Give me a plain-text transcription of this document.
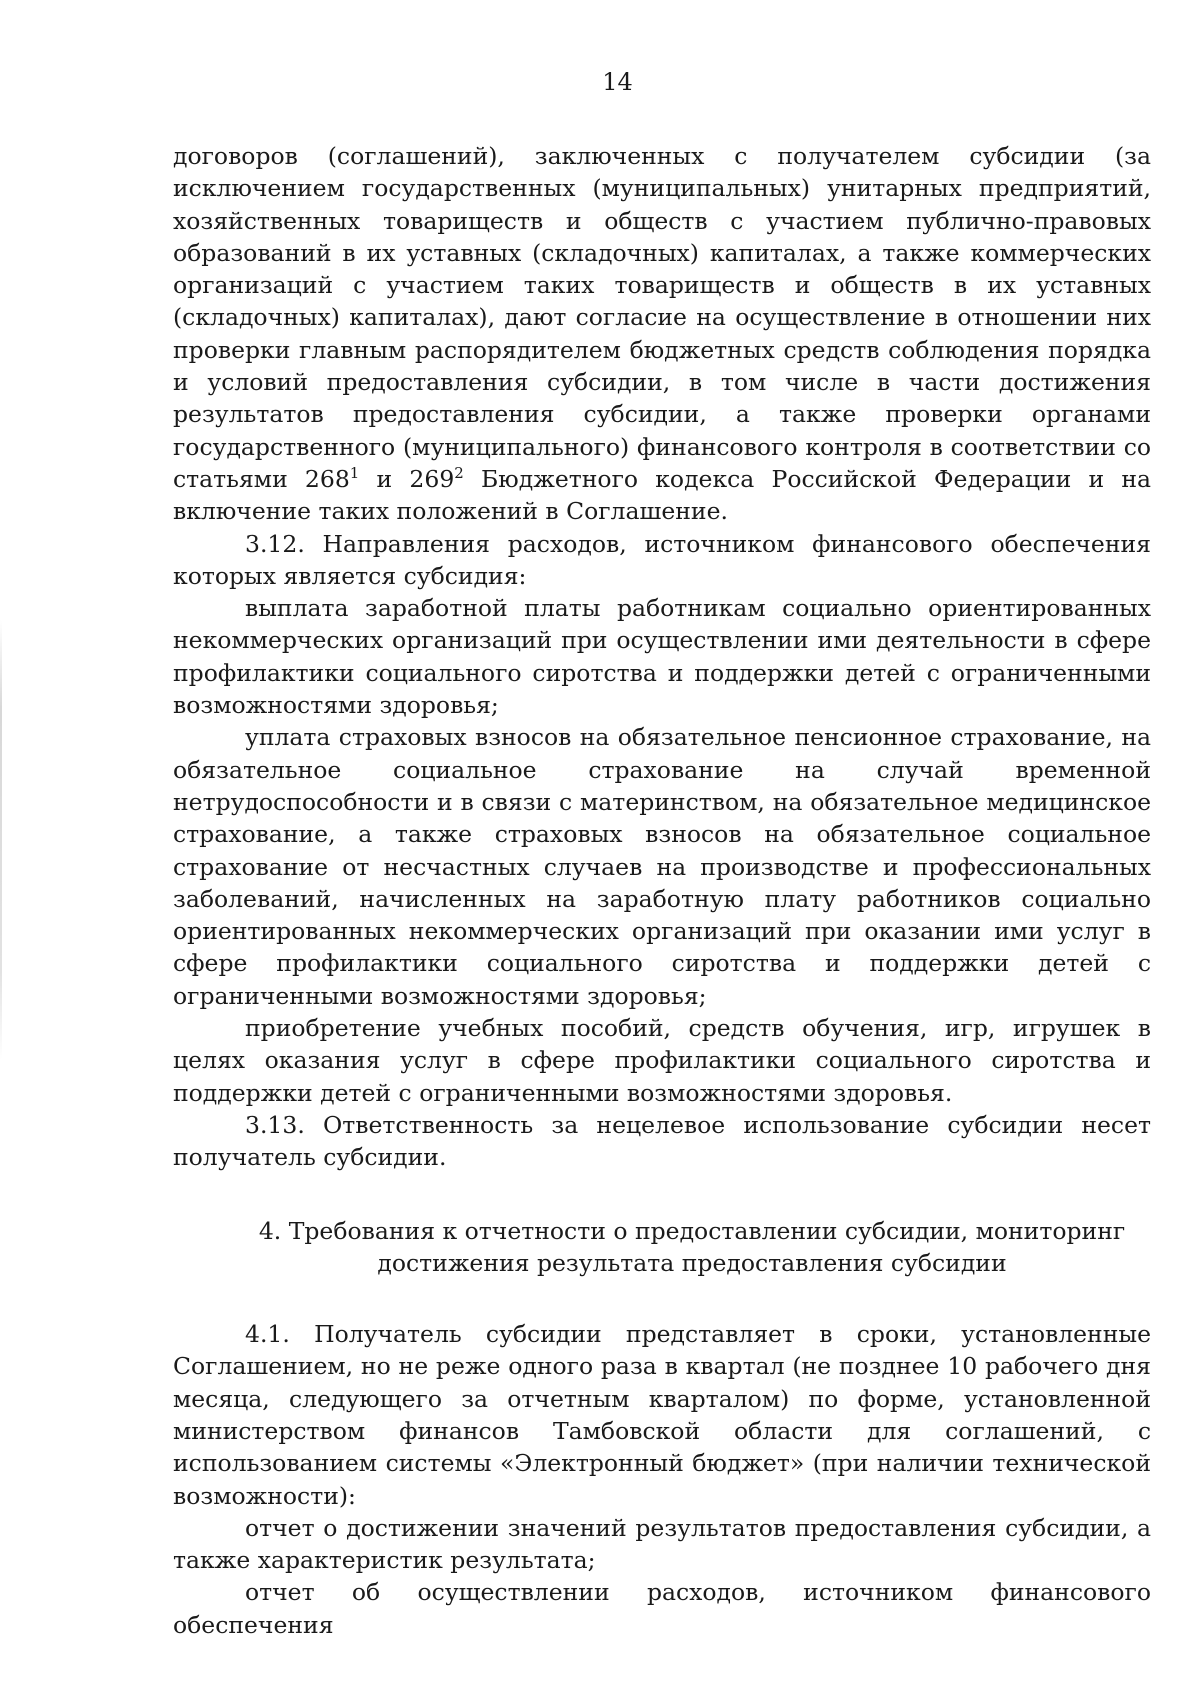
14

договоров (соглашений), заключенных с получателем субсидии (за исключением государственных (муниципальных) унитарных предприятий, хозяйственных товариществ и обществ с участием публично-правовых образований в их уставных (складочных) капиталах, а также коммерческих организаций с участием таких товариществ и обществ в их уставных (складочных) капиталах), дают согласие на осуществление в отношении них проверки главным распорядителем бюджетных средств соблюдения порядка и условий предоставления субсидии, в том числе в части достижения результатов предоставления субсидии, а также проверки органами государственного (муниципального) финансового контроля в соответствии со статьями $268^1$ и $269^2$ Бюджетного кодекса Российской Федерации и на включение таких положений в Соглашение.

3.12. Направления расходов, источником финансового обеспечения которых является субсидия:

выплата заработной платы работникам социально ориентированных некоммерческих организаций при осуществлении ими деятельности в сфере профилактики социального сиротства и поддержки детей с ограниченными возможностями здоровья;

уплата страховых взносов на обязательное пенсионное страхование, на обязательное социальное страхование на случай временной нетрудоспособности и в связи с материнством, на обязательное медицинское страхование, а также страховых взносов на обязательное социальное страхование от несчастных случаев на производстве и профессиональных заболеваний, начисленных на заработную плату работников социально ориентированных некоммерческих организаций при оказании ими услуг в сфере профилактики социального сиротства и поддержки детей с ограниченными возможностями здоровья;

приобретение учебных пособий, средств обучения, игр, игрушек в целях оказания услуг в сфере профилактики социального сиротства и поддержки детей с ограниченными возможностями здоровья.

3.13. Ответственность за нецелевое использование субсидии несет получатель субсидии.

4. Требования к отчетности о предоставлении субсидии, мониторинг
достижения результата предоставления субсидии

4.1. Получатель субсидии представляет в сроки, установленные Соглашением, но не реже одного раза в квартал (не позднее 10 рабочего дня месяца, следующего за отчетным кварталом) по форме, установленной министерством финансов Тамбовской области для соглашений, с использованием системы «Электронный бюджет» (при наличии технической возможности):

отчет о достижении значений результатов предоставления субсидии, а также характеристик результата;

отчет об осуществлении расходов, источником финансового обеспечения
